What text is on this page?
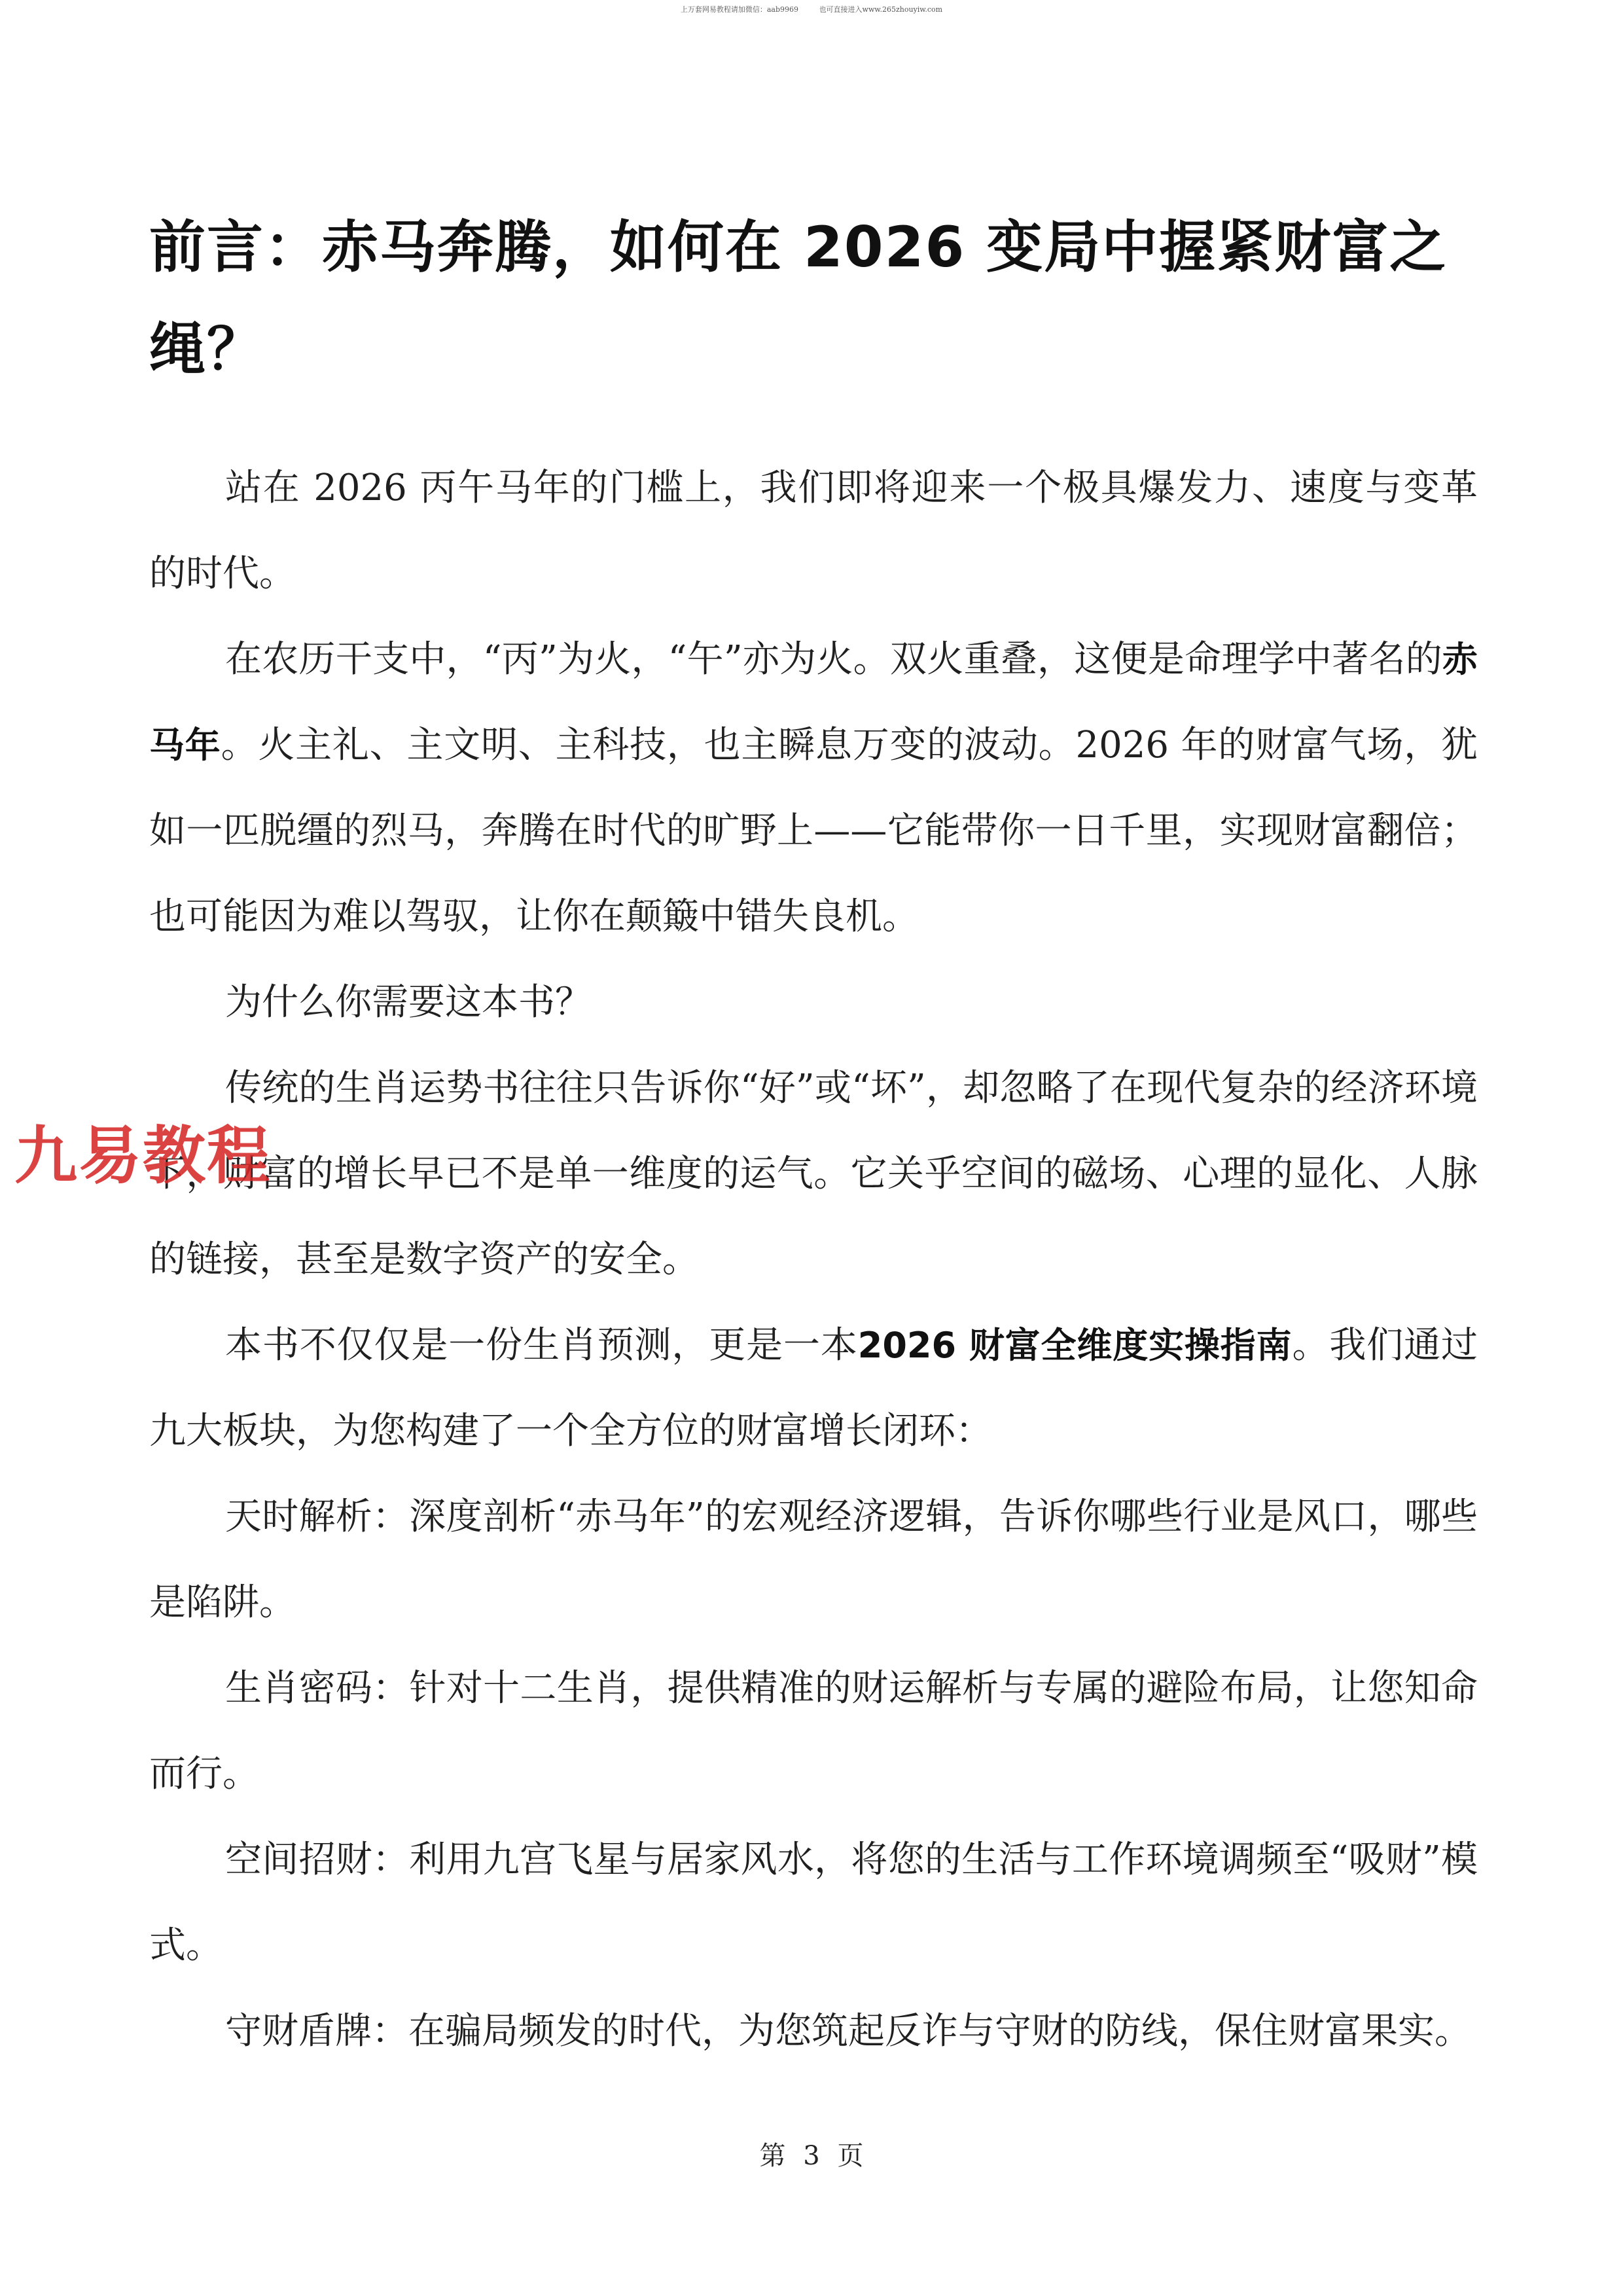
上万套网易教程请加微信：aab9969	也可直接进入www.265zhouyiw.com
前言：赤马奔腾，如何在 2026 变局中握紧财富之绳？

站在 2026 丙午马年的门槛上，我们即将迎来一个极具爆发力、速度与变革的时代。

在农历干支中，“丙”为火，“午”亦为火。双火重叠，这便是命理学中著名的赤马年。火主礼、主文明、主科技，也主瞬息万变的波动。2026 年的财富气场，犹如一匹脱缰的烈马，奔腾在时代的旷野上——它能带你一日千里，实现财富翻倍；也可能因为难以驾驭，让你在颠簸中错失良机。

为什么你需要这本书？

传统的生肖运势书往往只告诉你“好”或“坏”，却忽略了在现代复杂的经济环境下，财富的增长早已不是单一维度的运气。它关乎空间的磁场、心理的显化、人脉的链接，甚至是数字资产的安全。

本书不仅仅是一份生肖预测，更是一本2026 财富全维度实操指南。我们通过九大板块，为您构建了一个全方位的财富增长闭环：

天时解析：深度剖析“赤马年”的宏观经济逻辑，告诉你哪些行业是风口，哪些是陷阱。

生肖密码：针对十二生肖，提供精准的财运解析与专属的避险布局，让您知命而行。

空间招财：利用九宫飞星与居家风水，将您的生活与工作环境调频至“吸财”模式。

守财盾牌：在骗局频发的时代，为您筑起反诈与守财的防线，保住财富果实。

九易教程
第 3 页
